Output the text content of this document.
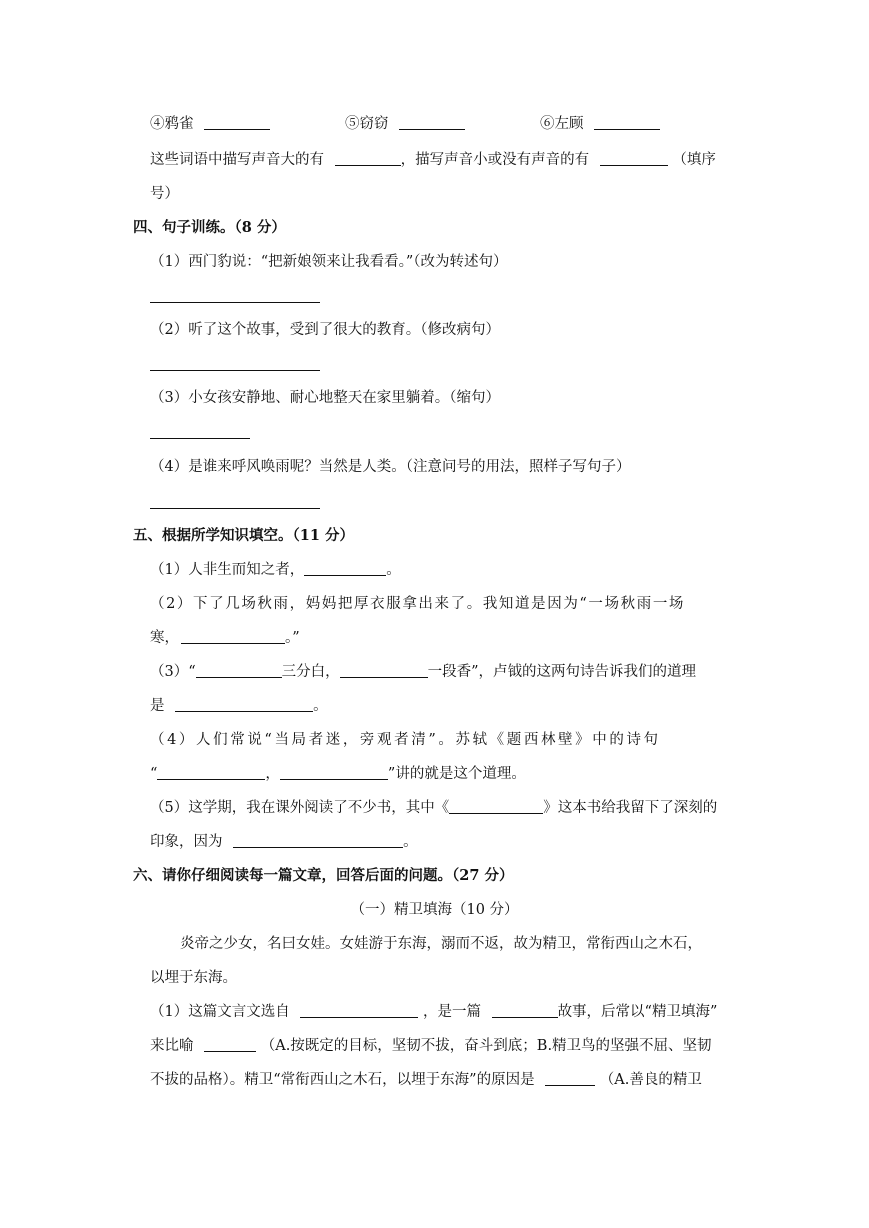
④鸦雀	⑤窃窃	⑥左顾
这些词语中描写声音大的有	，描写声音小或没有声音的有	（填序
号）
四、句子训练。（8 分）
（1）西门豹说：“把新娘领来让我看看。”（改为转述句）
（2）听了这个故事，受到了很大的教育。（修改病句）
（3）小女孩安静地、耐心地整天在家里躺着。（缩句）
（4）是谁来呼风唤雨呢？当然是人类。（注意问号的用法，照样子写句子）
五、根据所学知识填空。（11 分）
（1）人非生而知之者，	。
（2）下了几场秋雨，妈妈把厚衣服拿出来了。我知道是因为“一场秋雨一场
寒，	。”
（3）“	三分白，	一段香”，卢钺的这两句诗告诉我们的道理
是	。
（4）人们常说“当局者迷，旁观者清”。苏轼《题西林壁》中的诗句
“	，	”讲的就是这个道理。
（5）这学期，我在课外阅读了不少书，其中《	》这本书给我留下了深刻的
印象，因为	。
六、请你仔细阅读每一篇文章，回答后面的问题。（27 分）
（一）精卫填海（10 分）
炎帝之少女，名曰女娃。女娃游于东海，溺而不返，故为精卫，常衔西山之木石，
以埋于东海。
（1）这篇文言文选自	，是一篇	故事，后常以“精卫填海”
来比喻	（A.按既定的目标，坚韧不拔，奋斗到底；B.精卫鸟的坚强不屈、坚韧
不拔的品格）。精卫“常衔西山之木石，以埋于东海”的原因是	（A.善良的精卫
